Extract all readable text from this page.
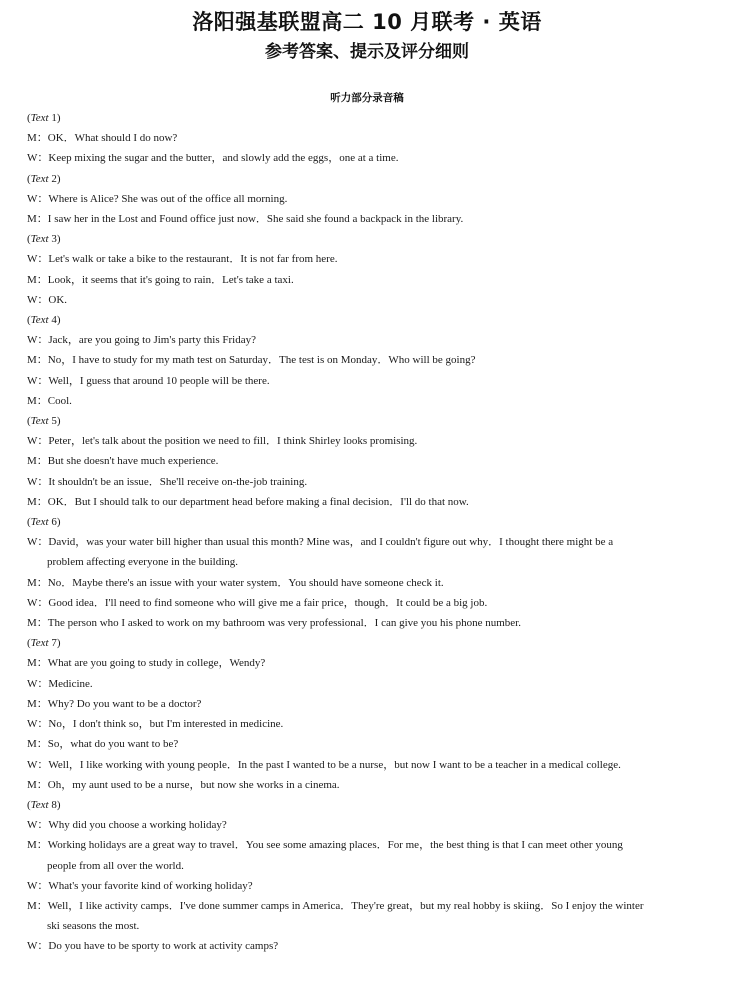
洛阳强基联盟高二 10 月联考 · 英语
参考答案、提示及评分细则
听力部分录音稿
(Text 1)
M：OK．What should I do now?
W：Keep mixing the sugar and the butter，and slowly add the eggs，one at a time.
(Text 2)
W：Where is Alice? She was out of the office all morning.
M：I saw her in the Lost and Found office just now．She said she found a backpack in the library.
(Text 3)
W：Let's walk or take a bike to the restaurant．It is not far from here.
M：Look，it seems that it's going to rain．Let's take a taxi.
W：OK.
(Text 4)
W：Jack，are you going to Jim's party this Friday?
M：No，I have to study for my math test on Saturday．The test is on Monday．Who will be going?
W：Well，I guess that around 10 people will be there.
M：Cool.
(Text 5)
W：Peter，let's talk about the position we need to fill．I think Shirley looks promising.
M：But she doesn't have much experience.
W：It shouldn't be an issue．She'll receive on-the-job training.
M：OK．But I should talk to our department head before making a final decision．I'll do that now.
(Text 6)
W：David，was your water bill higher than usual this month? Mine was，and I couldn't figure out why．I thought there might be a
problem affecting everyone in the building.
M：No．Maybe there's an issue with your water system．You should have someone check it.
W：Good idea．I'll need to find someone who will give me a fair price，though．It could be a big job.
M：The person who I asked to work on my bathroom was very professional．I can give you his phone number.
(Text 7)
M：What are you going to study in college，Wendy?
W：Medicine.
M：Why? Do you want to be a doctor?
W：No，I don't think so，but I'm interested in medicine.
M：So，what do you want to be?
W：Well，I like working with young people．In the past I wanted to be a nurse，but now I want to be a teacher in a medical college.
M：Oh，my aunt used to be a nurse，but now she works in a cinema.
(Text 8)
W：Why did you choose a working holiday?
M：Working holidays are a great way to travel．You see some amazing places．For me，the best thing is that I can meet other young
people from all over the world.
W：What's your favorite kind of working holiday?
M：Well，I like activity camps．I've done summer camps in America．They're great，but my real hobby is skiing．So I enjoy the winter
ski seasons the most.
W：Do you have to be sporty to work at activity camps?
